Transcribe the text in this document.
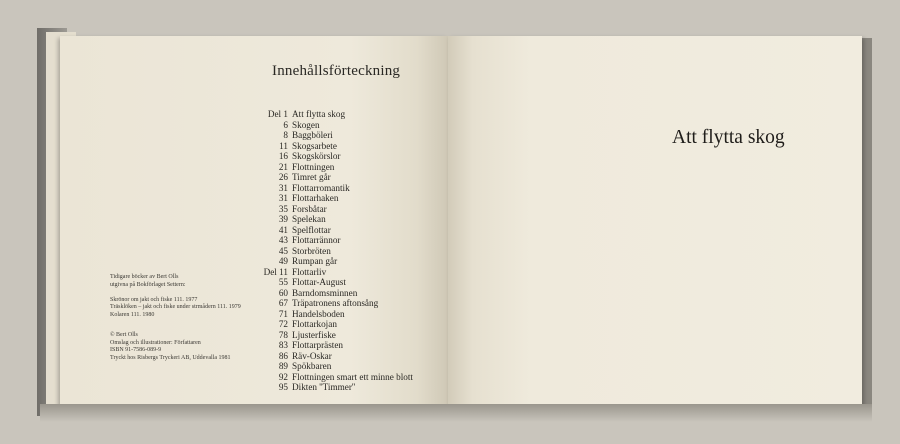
Innehållsförteckning
Del 1 Att flytta skog
6 Skogen
8 Baggböleri
11 Skogsarbete
16 Skogskörslor
21 Flottningen
26 Timret går
31 Flottarromantik
31 Flottarhaken
35 Forsbåtar
39 Spelekan
41 Spelflottar
43 Flottarrännor
45 Storbröten
49 Rumpan går
Del 11 Flottarliv
55 Flottar-August
60 Barndomsminnen
67 Träpatronens aftonsång
71 Handelsboden
72 Flottarkojan
78 Ljusterfiske
83 Flottarprästen
86 Räv-Oskar
89 Spökbaren
92 Flottningen smart ett minne blott
95 Dikten ''Timmer''
Tidigare böcker av Bert Olls
utgivna på Bokförlaget Settern:
Skrönor om jakt och fiske 111. 1977
Träsklöken – jakt och fiske under strmådern 111. 1979
Kolaren 111. 1980
© Bert Olls
Omslag och illustrationer: Författaren
ISBN 91-7586-089-9
Tryckt hos Risbergs Tryckeri AB, Uddevalla 1981
Att flytta skog
